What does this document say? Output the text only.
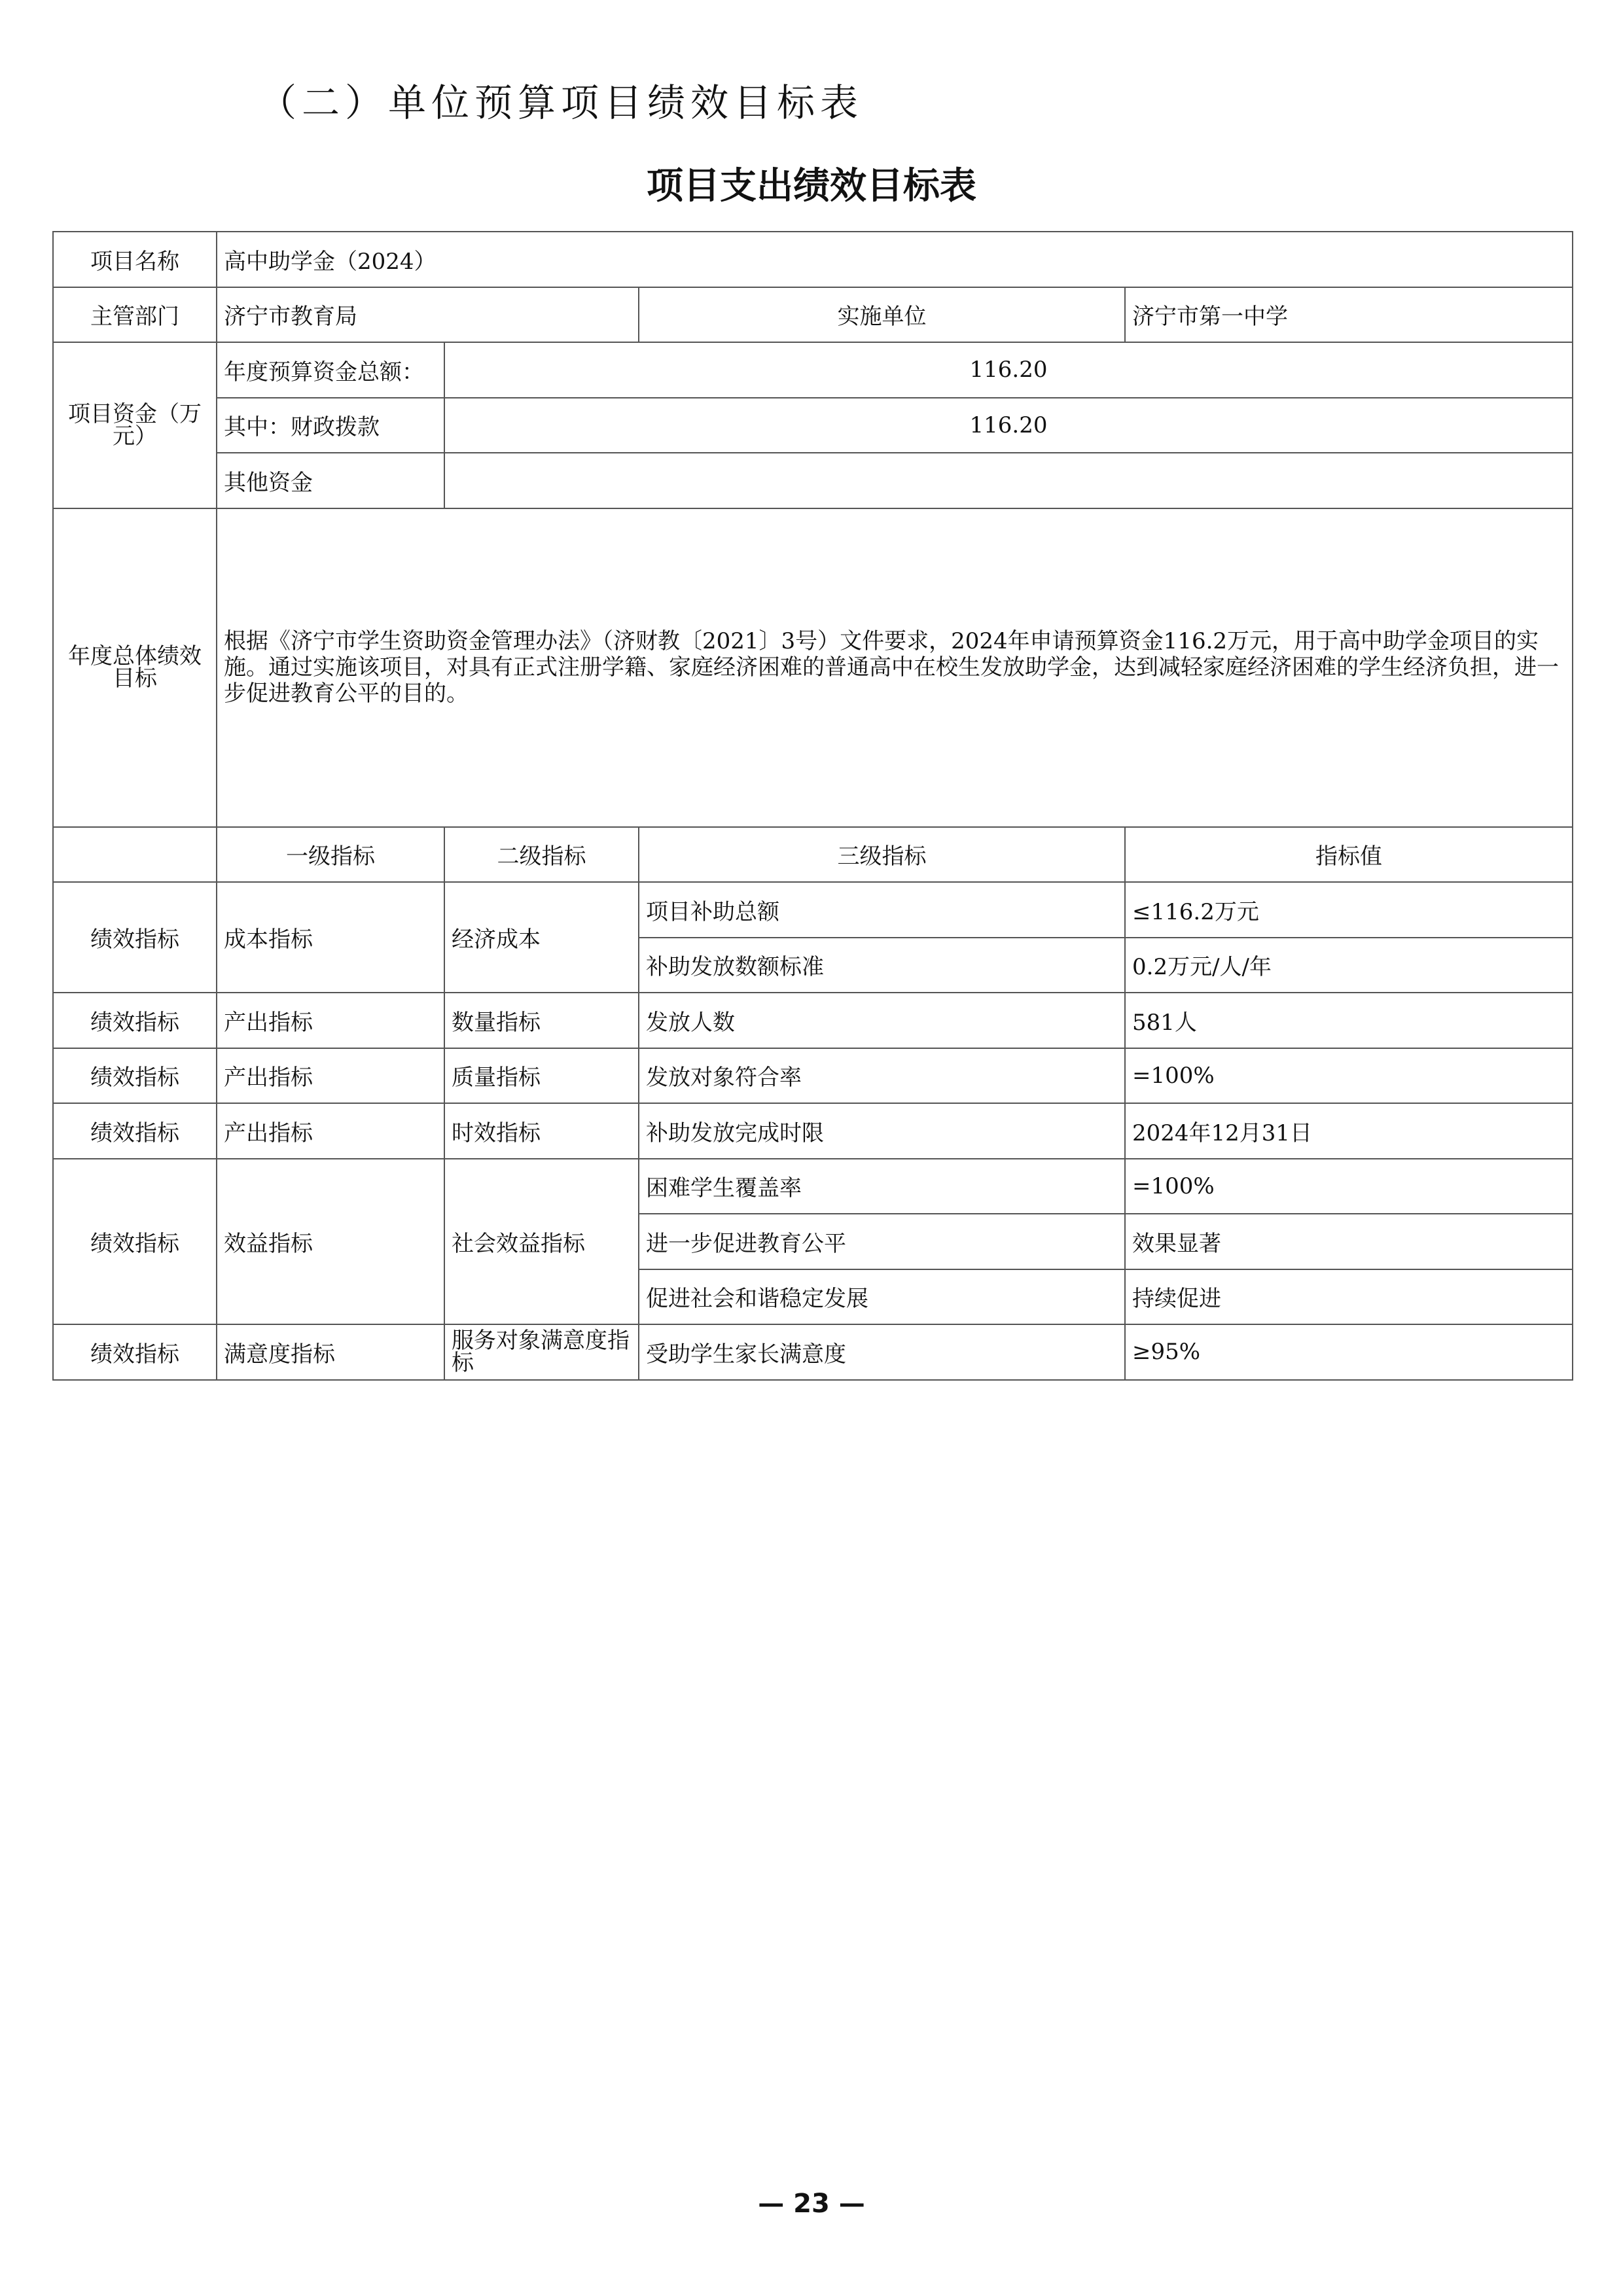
（二）单位预算项目绩效目标表
项目支出绩效目标表
项目名称	高中助学金（2024）			
主管部门	济宁市教育局		实施单位	济宁市第一中学
项目资金（万元）	年度预算资金总额：	116.20		
	其中：财政拨款	116.20		
	其他资金			
年度总体绩效目标	根据《济宁市学生资助资金管理办法》（济财教〔2021〕3号）文件要求，2024年申请预算资金116.2万元，用于高中助学金项目的实施。通过实施该项目，对具有正式注册学籍、家庭经济困难的普通高中在校生发放助学金，达到减轻家庭经济困难的学生经济负担，进一步促进教育公平的目的。			
	一级指标	二级指标	三级指标	指标值
绩效指标	成本指标	经济成本	项目补助总额	≤116.2万元
			补助发放数额标准	0.2万元/人/年
绩效指标	产出指标	数量指标	发放人数	581人
绩效指标	产出指标	质量指标	发放对象符合率	=100%
绩效指标	产出指标	时效指标	补助发放完成时限	2024年12月31日
绩效指标	效益指标	社会效益指标	困难学生覆盖率	=100%
			进一步促进教育公平	效果显著
			促进社会和谐稳定发展	持续促进
绩效指标	满意度指标	服务对象满意度指标	受助学生家长满意度	≥95%
— 23 —
